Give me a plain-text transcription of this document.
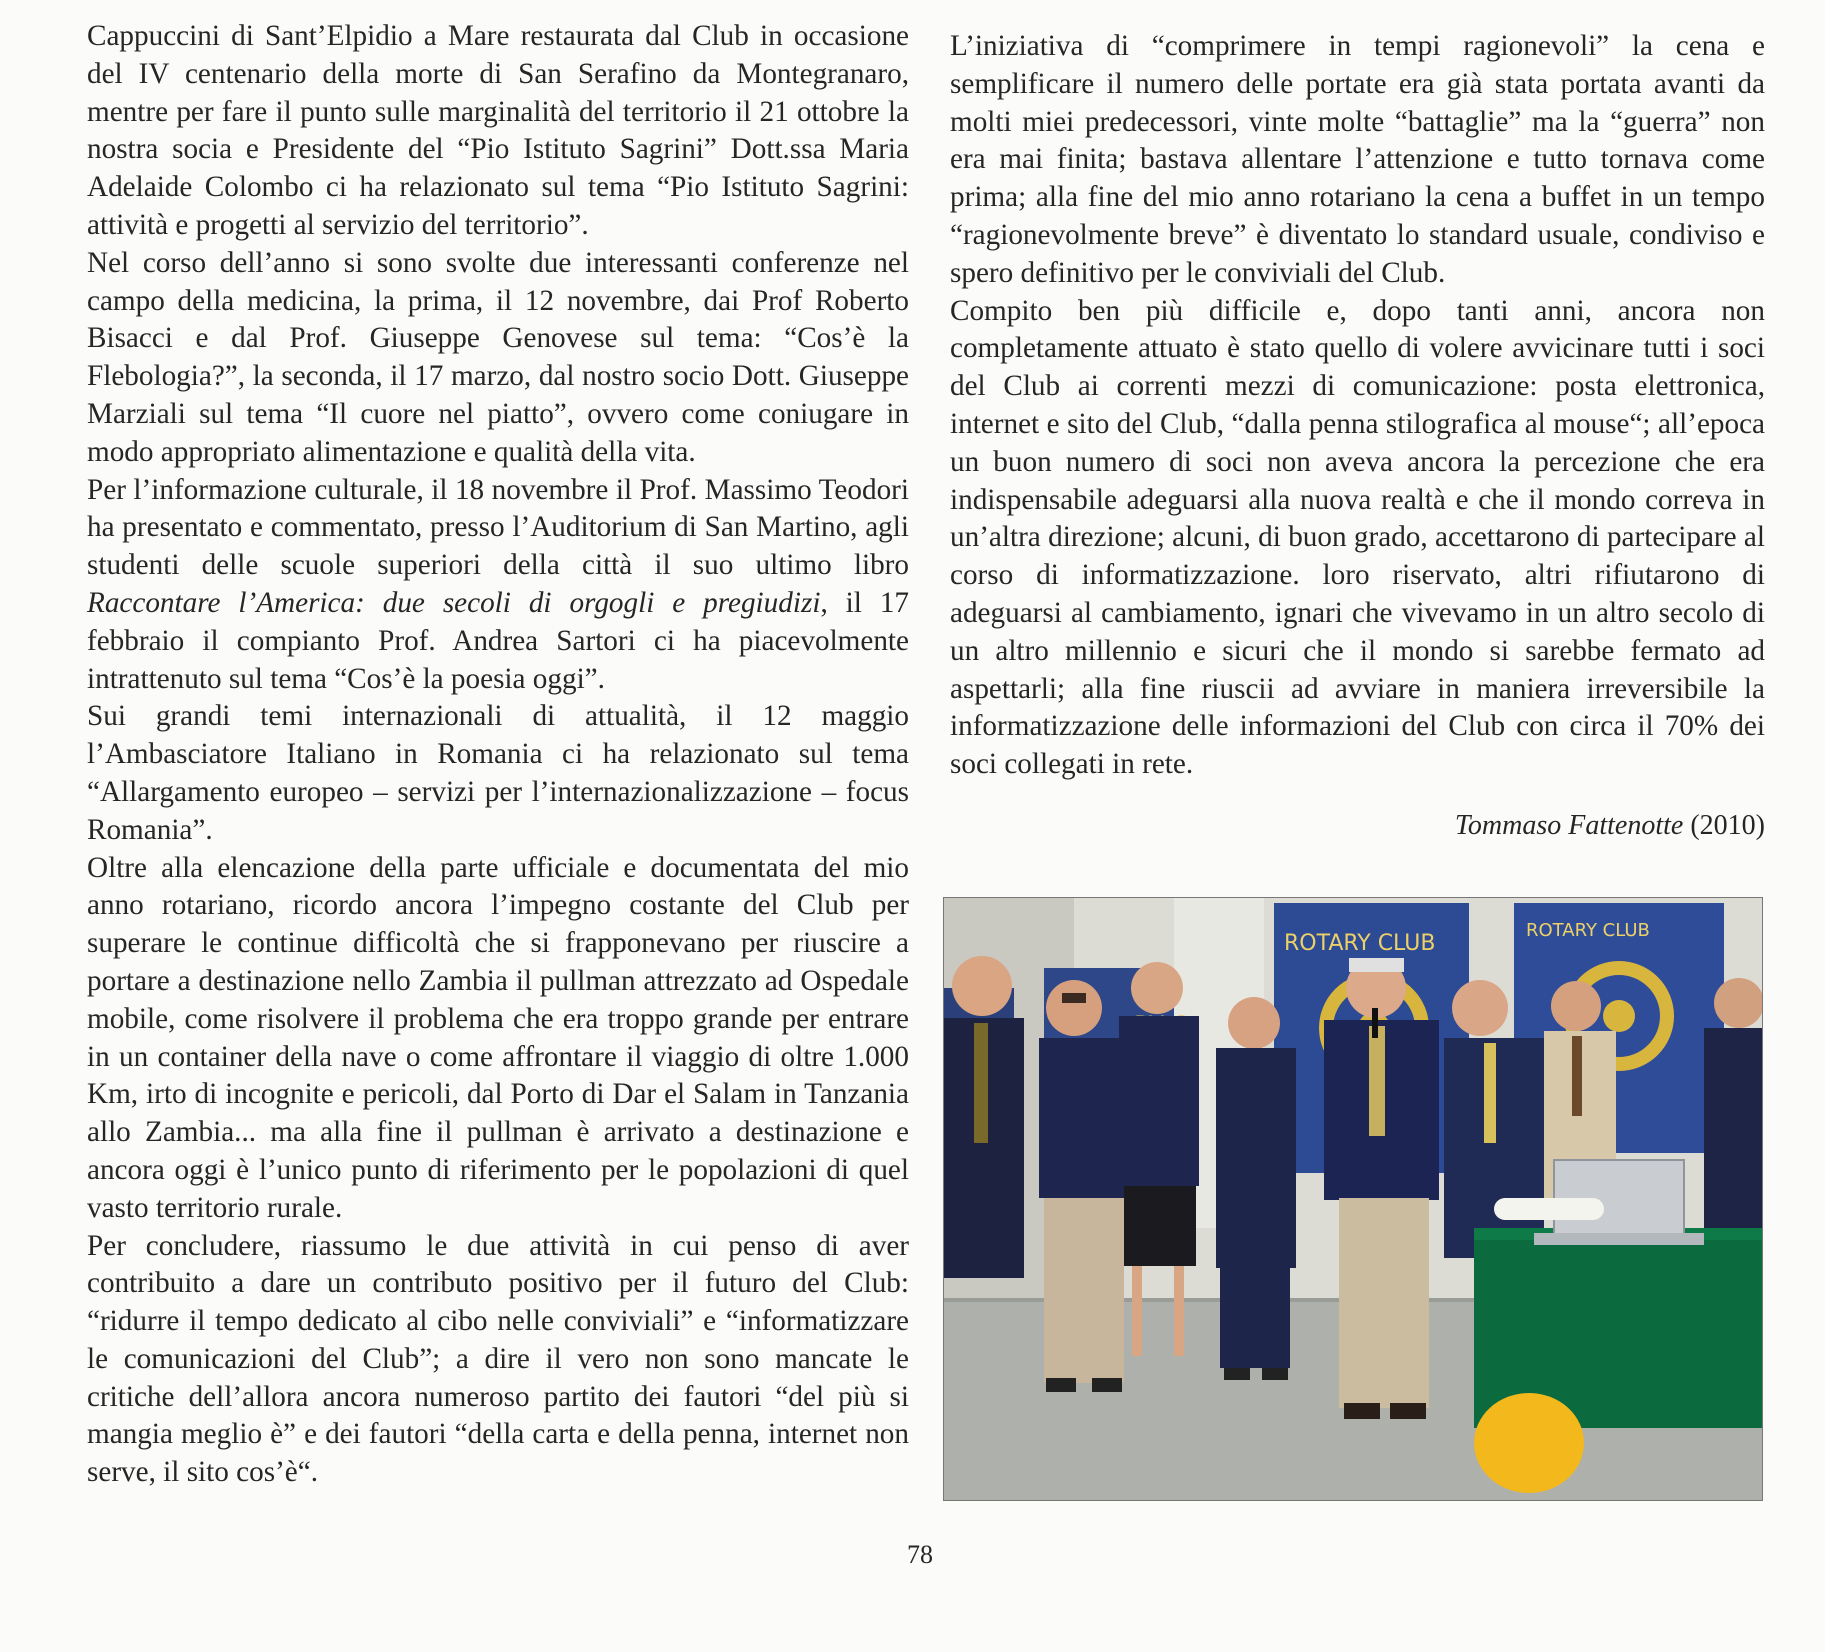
Cappuccini di Sant’Elpidio a Mare restaurata dal Club in occasione del IV centenario della morte di San Serafino da Montegranaro, mentre per fare il punto sulle marginalità del territorio il 21 ottobre la nostra socia e Presidente del “Pio Istituto Sagrini” Dott.ssa Maria Adelaide Colombo ci ha relazionato sul tema “Pio Istituto Sagrini: attività e progetti al servizio del territorio”.

Nel corso dell’anno si sono svolte due interessanti conferenze nel campo della medicina, la prima, il 12 novembre, dai Prof Roberto Bisacci e dal Prof. Giuseppe Genovese sul tema: “Cos’è la Flebologia?”, la seconda, il 17 marzo, dal nostro socio Dott. Giuseppe Marziali sul tema “Il cuore nel piatto”, ovvero come coniugare in modo appropriato alimentazione e qualità della vita.

Per l’informazione culturale, il 18 novembre il Prof. Massimo Teodori ha presentato e commentato, presso l’Auditorium di San Martino, agli studenti delle scuole superiori della città il suo ultimo libro Raccontare l’America: due secoli di orgogli e pregiudizi, il 17 febbraio il compianto Prof. Andrea Sartori ci ha piacevolmente intrattenuto sul tema “Cos’è la poesia oggi”.

Sui grandi temi internazionali di attualità, il 12 maggio l’Ambasciatore Italiano in Romania ci ha relazionato sul tema “Allargamento europeo – servizi per l’internazionalizzazione – focus Romania”.

Oltre alla elencazione della parte ufficiale e documentata del mio anno rotariano, ricordo ancora l’impegno costante del Club per superare le continue difficoltà che si frapponevano per riuscire a portare a destinazione nello Zambia il pullman attrezzato ad Ospedale mobile, come risolvere il problema che era troppo grande per entrare in un container della nave o come affrontare il viaggio di oltre 1.000 Km, irto di incognite e pericoli, dal Porto di Dar el Salam in Tanzania allo Zambia... ma alla fine il pullman è arrivato a destinazione e ancora oggi è l’unico punto di riferimento per le popolazioni di quel vasto territorio rurale.

Per concludere, riassumo le due attività in cui penso di aver contribuito a dare un contributo positivo per il futuro del Club: “ridurre il tempo dedicato al cibo nelle conviviali” e “informatizzare le comunicazioni del Club”; a dire il vero non sono mancate le critiche dell’allora ancora numeroso partito dei fautori “del più si mangia meglio è” e dei fautori “della carta e della penna, internet non serve, il sito cos’è“.

L’iniziativa di “comprimere in tempi ragionevoli” la cena e semplificare il numero delle portate era già stata portata avanti da molti miei predecessori, vinte molte “battaglie” ma la “guerra” non era mai finita; bastava allentare l’attenzione e tutto tornava come prima; alla fine del mio anno rotariano la cena a buffet in un tempo “ragionevolmente breve” è diventato lo standard usuale, condiviso e spero definitivo per le conviviali del Club.

Compito ben più difficile e, dopo tanti anni, ancora non completamente attuato è stato quello di volere avvicinare tutti i soci del Club ai correnti mezzi di comunicazione: posta elettronica, internet e sito del Club, “dalla penna stilografica al mouse“; all’epoca un buon numero di soci non aveva ancora la percezione che era indispensabile adeguarsi alla nuova realtà e che il mondo correva in un’altra direzione; alcuni, di buon grado, accettarono di partecipare al corso di informatizzazione. loro riservato, altri rifiutarono di adeguarsi al cambiamento, ignari che vivevamo in un altro secolo di un altro millennio e sicuri che il mondo si sarebbe fermato ad aspettarli; alla fine riuscii ad avviare in maniera irreversibile la informatizzazione delle informazioni del Club con circa il 70% dei soci collegati in rete.

Tommaso Fattenotte (2010)
ROTARY CLUB
ROTARY CLUB
78
